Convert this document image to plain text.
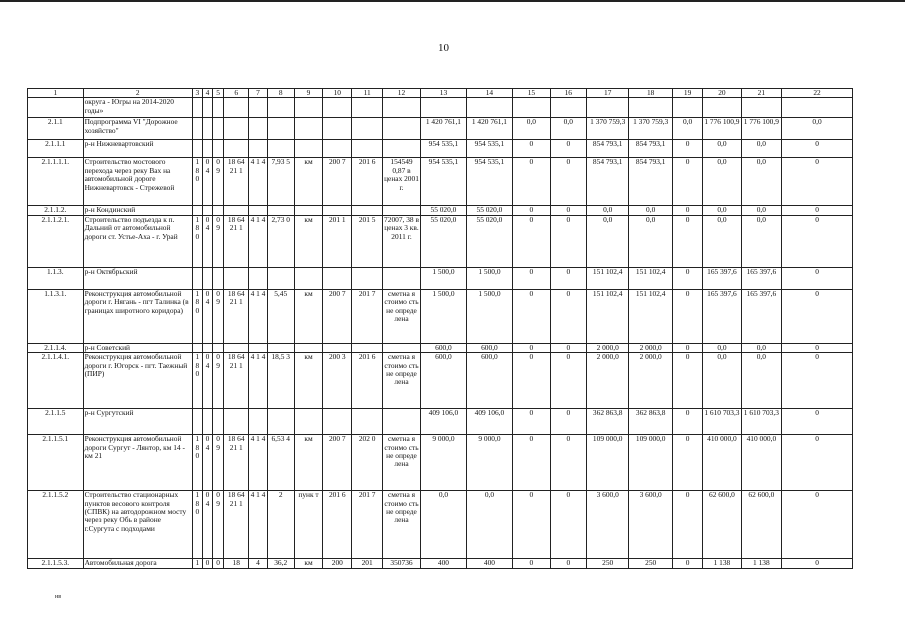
10
1	2	3	4	5	6	7	8	9	10	11	12	13	14	15	16	17	18	19	20	21	22
	округа - Югры на 2014-2020 годы»																				
2.1.1	Подпрограмма VI "Дорожное хозяйство"											1 420 761,1	1 420 761,1	0,0	0,0	1 370 759,3	1 370 759,3	0,0	1 776 100,9	1 776 100,9	0,0
2.1.1.1	р-н Нижневартовский											954 535,1	954 535,1	0	0	854 793,1	854 793,1	0	0,0	0,0	0
2.1.1.1.1.	Строительство мостового перехода через реку Вах на автомобильной дороге Нижневартовск - Стрежевой	1 8 0	0 4	0 9	18 64 21 1	4 1 4	7,93 5	км	200 7	201 6	154549 0,87 в ценах 2001 г.	954 535,1	954 535,1	0	0	854 793,1	854 793,1	0	0,0	0,0	0
2.1.1.2.	р-н Кондинский											55 020,0	55 020,0	0	0	0,0	0,0	0	0,0	0,0	0
2.1.1.2.1.	Строительство подъезда к п. Дальний от автомобильной дороги ст. Устье-Аха - г. Урай	1 8 0	0 4	0 9	18 64 21 1	4 1 4	2,73 0	км	201 1	201 5	72007, 38 в ценах 3 кв. 2011 г.	55 020,0	55 020,0	0	0	0,0	0,0	0	0,0	0,0	0
1.1.3.	р-н Октябрьский											1 500,0	1 500,0	0	0	151 102,4	151 102,4	0	165 397,6	165 397,6	0
1.1.3.1.	Реконструкция автомобильной дороги г. Нягань - пгт Талинка (в границах широтного коридора)	1 8 0	0 4	0 9	18 64 21 1	4 1 4	5,45	км	200 7	201 7	сметна я стоимо сть не опреде лена	1 500,0	1 500,0	0	0	151 102,4	151 102,4	0	165 397,6	165 397,6	0
2.1.1.4.	р-н Советский											600,0	600,0	0	0	2 000,0	2 000,0	0	0,0	0,0	0
2.1.1.4.1.	Реконструкция автомобильной дороги г. Югорск - пгт. Таежный (ПИР)	1 8 0	0 4	0 9	18 64 21 1	4 1 4	18,5 3	км	200 3	201 6	сметна я стоимо сть не опреде лена	600,0	600,0	0	0	2 000,0	2 000,0	0	0,0	0,0	0
2.1.1.5	р-н Сургутский											409 106,0	409 106,0	0	0	362 863,8	362 863,8	0	1 610 703,3	1 610 703,3	0
2.1.1.5.1	Реконструкция автомобильной дороги Сургут - Лянтор, км 14 - км 21	1 8 0	0 4	0 9	18 64 21 1	4 1 4	6,53 4	км	200 7	202 0	сметна я стоимо сть не опреде лена	9 000,0	9 000,0	0	0	109 000,0	109 000,0	0	410 000,0	410 000,0	0
2.1.1.5.2	Строительство стационарных пунктов весового контроля (СПВК) на автодорожном мосту через реку Обь в районе г.Сургута с подходами	1 8 0	0 4	0 9	18 64 21 1	4 1 4	2	пунк т	201 6	201 7	сметна я стоимо сть не опреде лена	0,0	0,0	0	0	3 600,0	3 600,0	0	62 600,0	62 600,0	0
2.1.1.5.3.	Автомобильная дорога	1	0	0	18	4	36,2	км	200	201	350736	400	400	0	0	250	250	0	1 138	1 138	0
нв
